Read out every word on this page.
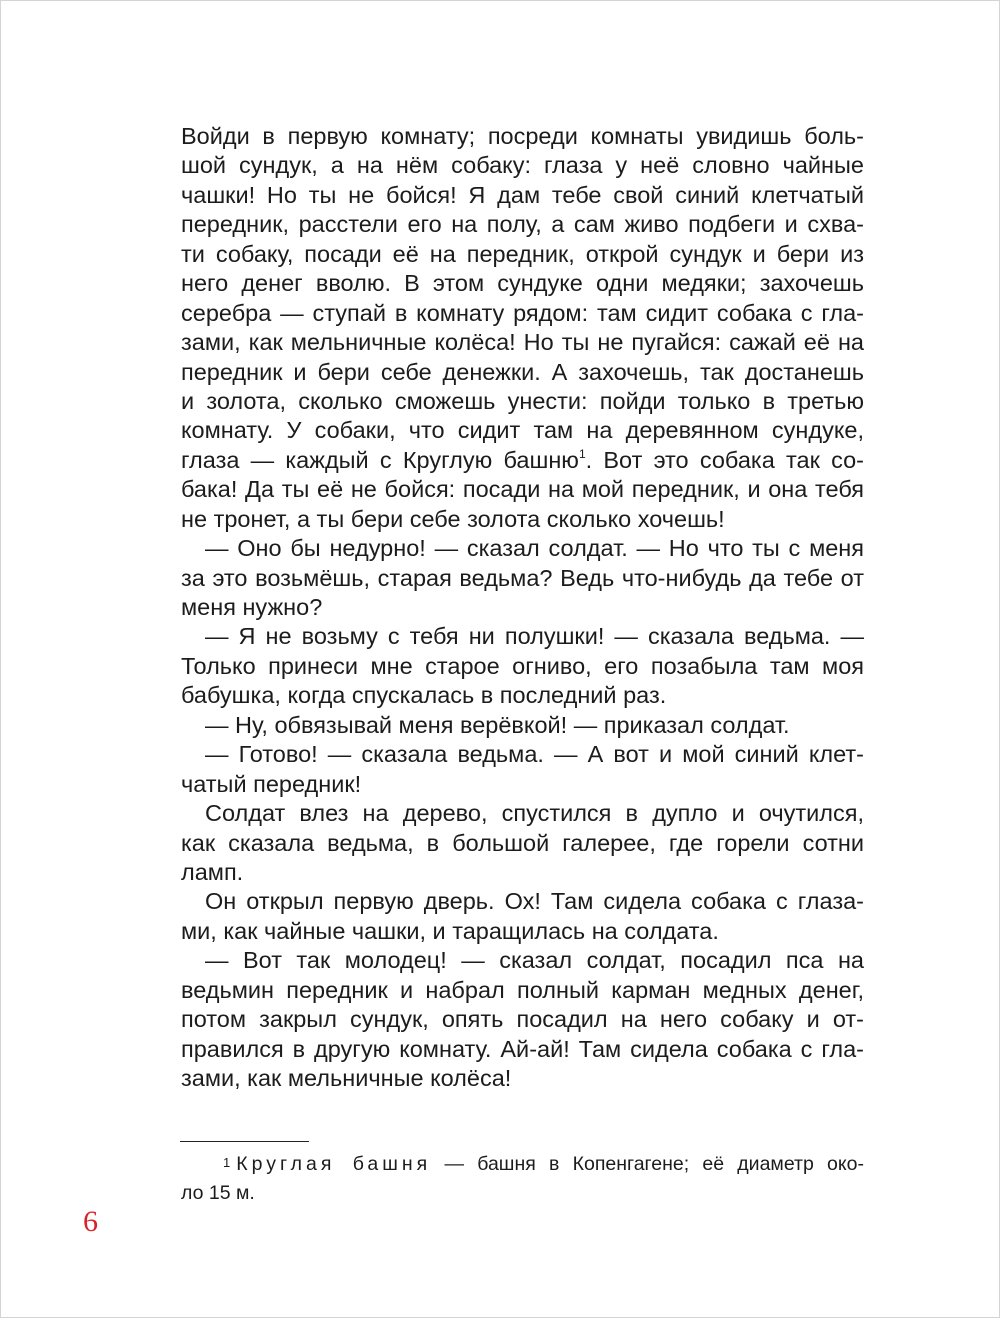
Войди в первую комнату; посреди комнаты увидишь боль-
шой сундук, а на нём собаку: глаза у неё словно чайные
чашки! Но ты не бойся! Я дам тебе свой синий клетчатый
передник, расстели его на полу, а сам живо подбеги и схва-
ти собаку, посади её на передник, открой сундук и бери из
него денег вволю. В этом сундуке одни медяки; захочешь
серебра — ступай в комнату рядом: там сидит собака с гла-
зами, как мельничные колёса! Но ты не пугайся: сажай её на
передник и бери себе денежки. А захочешь, так достанешь
и золота, сколько сможешь унести: пойди только в третью
комнату. У собаки, что сидит там на деревянном сундуке,
глаза — каждый с Круглую башню$^1$. Вот это собака так со-
бака! Да ты её не бойся: посади на мой передник, и она тебя
не тронет, а ты бери себе золота сколько хочешь!
— Оно бы недурно! — сказал солдат. — Но что ты с меня
за это возьмёшь, старая ведьма? Ведь что-нибудь да тебе от
меня нужно?
— Я не возьму с тебя ни полушки! — сказала ведьма. —
Только принеси мне старое огниво, его позабыла там моя
бабушка, когда спускалась в последний раз.
— Ну, обвязывай меня верёвкой! — приказал солдат.
— Готово! — сказала ведьма. — А вот и мой синий клет-
чатый передник!
Солдат влез на дерево, спустился в дупло и очутился,
как сказала ведьма, в большой галерее, где горели сотни
ламп.
Он открыл первую дверь. Ох! Там сидела собака с глаза-
ми, как чайные чашки, и таращилась на солдата.
— Вот так молодец! — сказал солдат, посадил пса на
ведьмин передник и набрал полный карман медных денег,
потом закрыл сундук, опять посадил на него собаку и от-
правился в другую комнату. Ай-ай! Там сидела собака с гла-
зами, как мельничные колёса!
$^1$ Круглая башня — башня в Копенгагене; её диаметр око-
ло 15 м.
6
